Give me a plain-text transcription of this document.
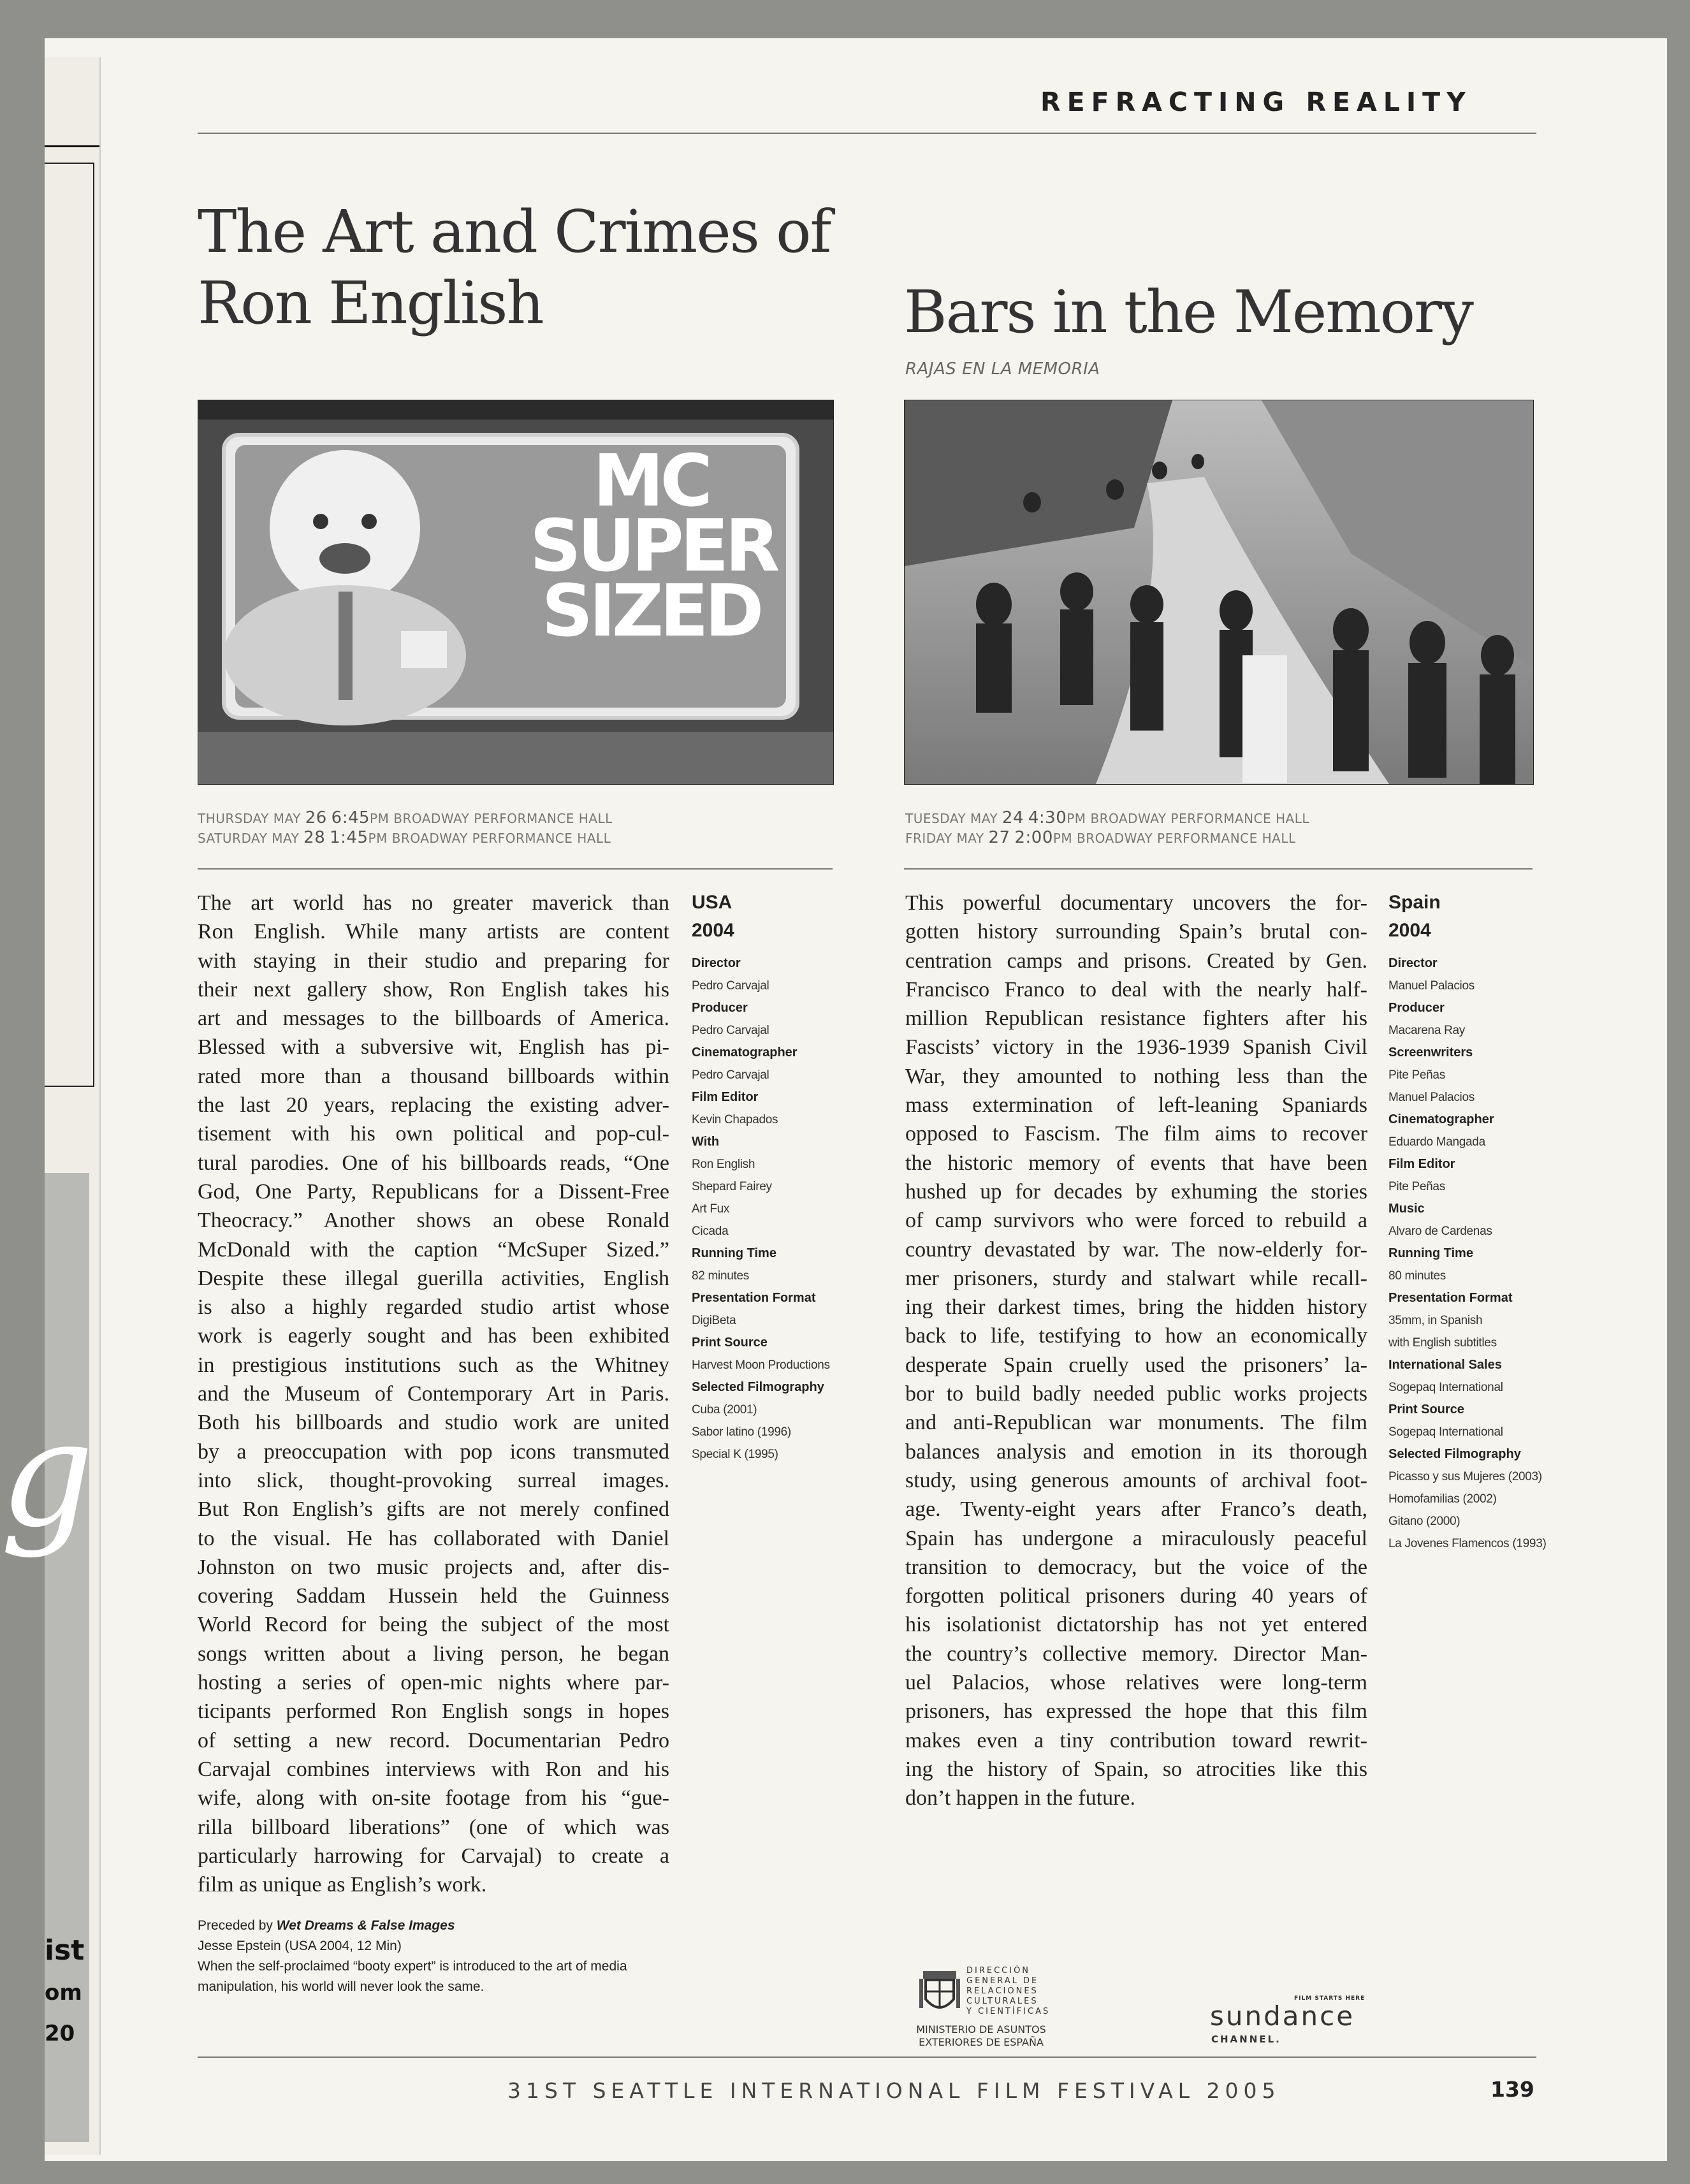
g
ist
om
20
REFRACTING REALITY
The Art and Crimes of
Ron English
MC
SUPER
SIZED
THURSDAY MAY 26 6:45PM BROADWAY PERFORMANCE HALL
SATURDAY MAY 28 1:45PM BROADWAY PERFORMANCE HALL
The art world has no greater maverick than
Ron English. While many artists are content
with staying in their studio and preparing for
their next gallery show, Ron English takes his
art and messages to the billboards of America.
Blessed with a subversive wit, English has pi-
rated more than a thousand billboards within
the last 20 years, replacing the existing adver-
tisement with his own political and pop-cul-
tural parodies. One of his billboards reads, “One
God, One Party, Republicans for a Dissent-Free
Theocracy.” Another shows an obese Ronald
McDonald with the caption “McSuper Sized.”
Despite these illegal guerilla activities, English
is also a highly regarded studio artist whose
work is eagerly sought and has been exhibited
in prestigious institutions such as the Whitney
and the Museum of Contemporary Art in Paris.
Both his billboards and studio work are united
by a preoccupation with pop icons transmuted
into slick, thought-provoking surreal images.
But Ron English’s gifts are not merely confined
to the visual. He has collaborated with Daniel
Johnston on two music projects and, after dis-
covering Saddam Hussein held the Guinness
World Record for being the subject of the most
songs written about a living person, he began
hosting a series of open-mic nights where par-
ticipants performed Ron English songs in hopes
of setting a new record. Documentarian Pedro
Carvajal combines interviews with Ron and his
wife, along with on-site footage from his “gue-
rilla billboard liberations” (one of which was
particularly harrowing for Carvajal) to create a
film as unique as English’s work.
USA
2004
Director
Pedro Carvajal
Producer
Pedro Carvajal
Cinematographer
Pedro Carvajal
Film Editor
Kevin Chapados
With
Ron English
Shepard Fairey
Art Fux
Cicada
Running Time
82 minutes
Presentation Format
DigiBeta
Print Source
Harvest Moon Productions
Selected Filmography
Cuba (2001)
Sabor latino (1996)
Special K (1995)
Preceded by Wet Dreams & False Images
Jesse Epstein (USA 2004, 12 Min)
When the self-proclaimed “booty expert” is introduced to the art of media
manipulation, his world will never look the same.
Bars in the Memory
RAJAS EN LA MEMORIA
TUESDAY MAY 24 4:30PM BROADWAY PERFORMANCE HALL
FRIDAY MAY 27 2:00PM BROADWAY PERFORMANCE HALL
This powerful documentary uncovers the for-
gotten history surrounding Spain’s brutal con-
centration camps and prisons. Created by Gen.
Francisco Franco to deal with the nearly half-
million Republican resistance fighters after his
Fascists’ victory in the 1936-1939 Spanish Civil
War, they amounted to nothing less than the
mass extermination of left-leaning Spaniards
opposed to Fascism. The film aims to recover
the historic memory of events that have been
hushed up for decades by exhuming the stories
of camp survivors who were forced to rebuild a
country devastated by war. The now-elderly for-
mer prisoners, sturdy and stalwart while recall-
ing their darkest times, bring the hidden history
back to life, testifying to how an economically
desperate Spain cruelly used the prisoners’ la-
bor to build badly needed public works projects
and anti-Republican war monuments. The film
balances analysis and emotion in its thorough
study, using generous amounts of archival foot-
age. Twenty-eight years after Franco’s death,
Spain has undergone a miraculously peaceful
transition to democracy, but the voice of the
forgotten political prisoners during 40 years of
his isolationist dictatorship has not yet entered
the country’s collective memory. Director Man-
uel Palacios, whose relatives were long-term
prisoners, has expressed the hope that this film
makes even a tiny contribution toward rewrit-
ing the history of Spain, so atrocities like this
don’t happen in the future.
Spain
2004
Director
Manuel Palacios
Producer
Macarena Ray
Screenwriters
Pite Peñas
Manuel Palacios
Cinematographer
Eduardo Mangada
Film Editor
Pite Peñas
Music
Alvaro de Cardenas
Running Time
80 minutes
Presentation Format
35mm, in Spanish
with English subtitles
International Sales
Sogepaq International
Print Source
Sogepaq International
Selected Filmography
Picasso y sus Mujeres (2003)
Homofamilias (2002)
Gitano (2000)
La Jovenes Flamencos (1993)
DIRECCIÓN
GENERAL DE
RELACIONES
CULTURALES
Y CIENTÍFICAS
MINISTERIO DE ASUNTOS
EXTERIORES DE ESPAÑA
FILM STARTS HERE
sundance
CHANNEL.
31ST SEATTLE INTERNATIONAL FILM FESTIVAL 2005	139
